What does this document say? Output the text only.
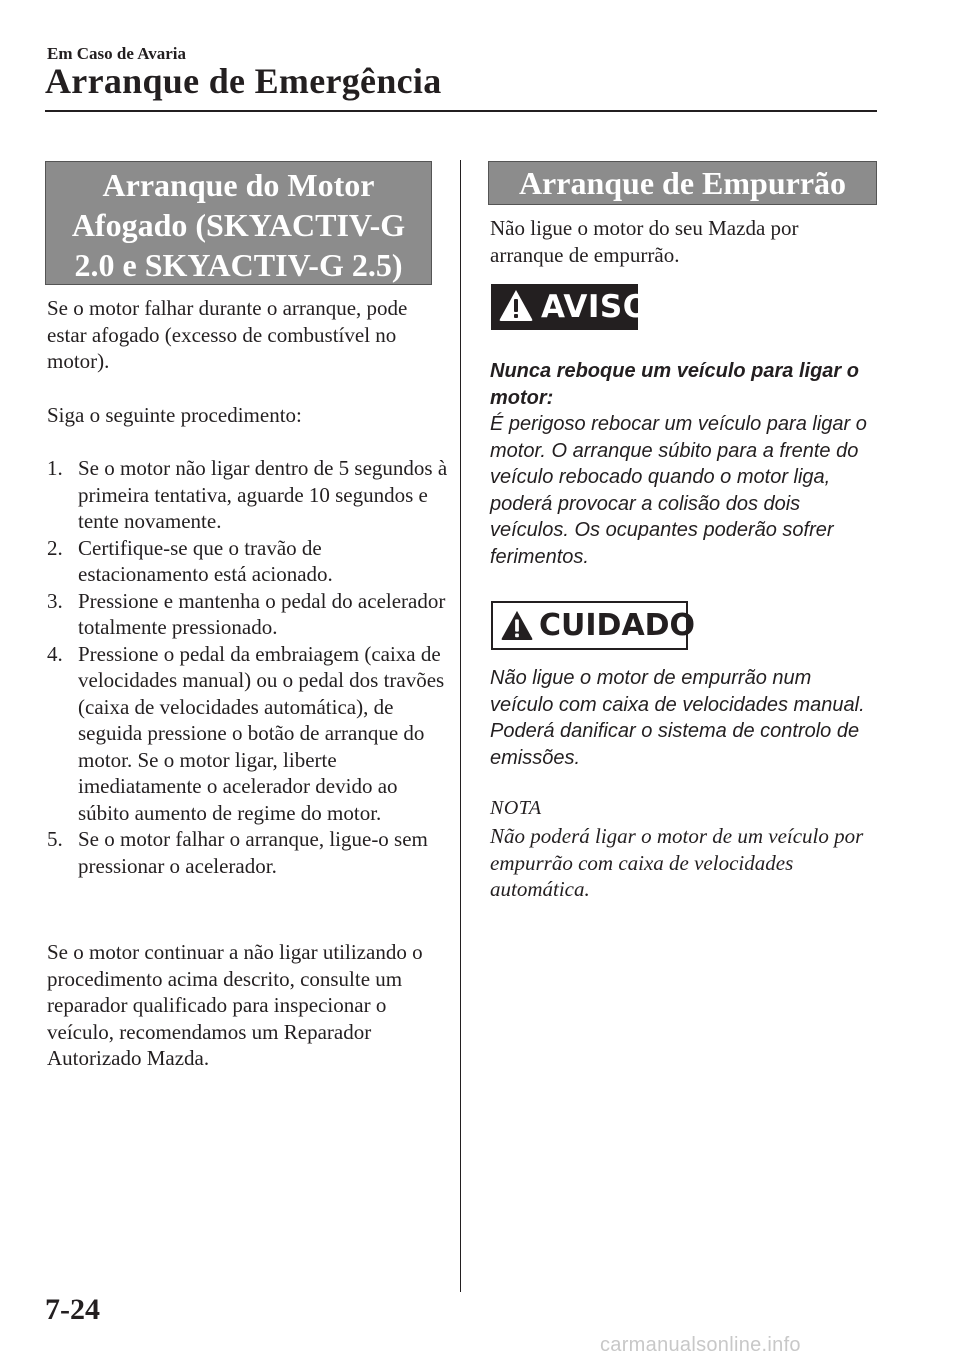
Em Caso de Avaria
Arranque de Emergência
Arranque do Motor
Afogado (SKYACTIV-G
2.0 e SKYACTIV-G 2.5)
Se o motor falhar durante o arranque, pode estar afogado (excesso de combustível no motor).
Siga o seguinte procedimento:
1. Se o motor não ligar dentro de 5 segundos à primeira tentativa, aguarde 10 segundos e tente novamente.
2. Certifique-se que o travão de estacionamento está acionado.
3. Pressione e mantenha o pedal do acelerador totalmente pressionado.
4. Pressione o pedal da embraiagem (caixa de velocidades manual) ou o pedal dos travões (caixa de velocidades automática), de seguida pressione o botão de arranque do motor. Se o motor ligar, liberte imediatamente o acelerador devido ao súbito aumento de regime do motor.
5. Se o motor falhar o arranque, ligue-o sem pressionar o acelerador.
Se o motor continuar a não ligar utilizando o procedimento acima descrito, consulte um reparador qualificado para inspecionar o veículo, recomendamos um Reparador Autorizado Mazda.
Arranque de Empurrão
Não ligue o motor do seu Mazda por arranque de empurrão.
AVISO
Nunca reboque um veículo para ligar o motor:
É perigoso rebocar um veículo para ligar o motor. O arranque súbito para a frente do veículo rebocado quando o motor liga, poderá provocar a colisão dos dois veículos. Os ocupantes poderão sofrer ferimentos.
CUIDADO
Não ligue o motor de empurrão num veículo com caixa de velocidades manual. Poderá danificar o sistema de controlo de emissões.
NOTA
Não poderá ligar o motor de um veículo por empurrão com caixa de velocidades automática.
7-24
carmanualsonline.info
